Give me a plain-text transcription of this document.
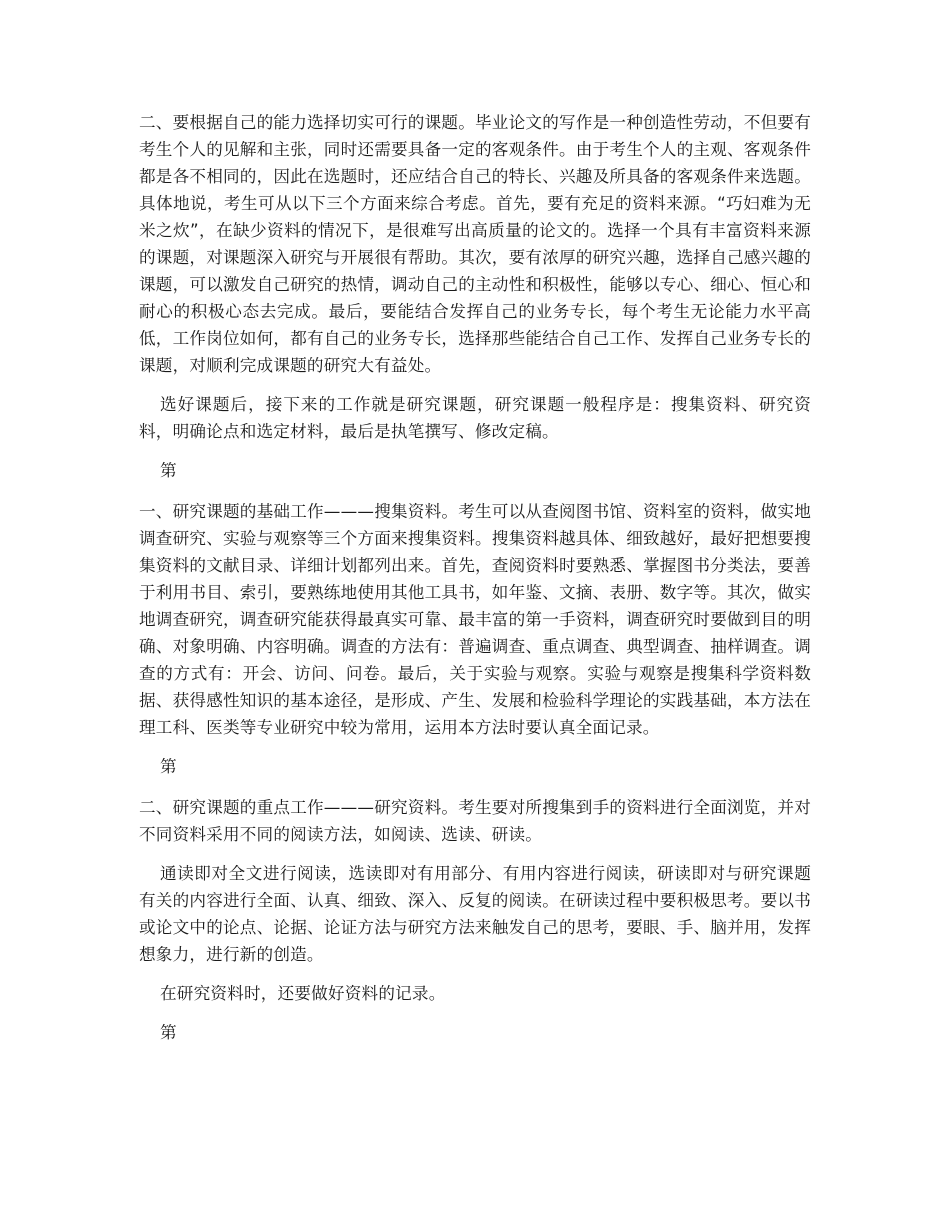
二、要根据自己的能力选择切实可行的课题。毕业论文的写作是一种创造性劳动，不但要有考生个人的见解和主张，同时还需要具备一定的客观条件。由于考生个人的主观、客观条件都是各不相同的，因此在选题时，还应结合自己的特长、兴趣及所具备的客观条件来选题。具体地说，考生可从以下三个方面来综合考虑。首先，要有充足的资料来源。“巧妇难为无米之炊”，在缺少资料的情况下，是很难写出高质量的论文的。选择一个具有丰富资料来源的课题，对课题深入研究与开展很有帮助。其次，要有浓厚的研究兴趣，选择自己感兴趣的课题，可以激发自己研究的热情，调动自己的主动性和积极性，能够以专心、细心、恒心和耐心的积极心态去完成。最后，要能结合发挥自己的业务专长，每个考生无论能力水平高低，工作岗位如何，都有自己的业务专长，选择那些能结合自己工作、发挥自己业务专长的课题，对顺利完成课题的研究大有益处。

选好课题后，接下来的工作就是研究课题，研究课题一般程序是：搜集资料、研究资料，明确论点和选定材料，最后是执笔撰写、修改定稿。

第

一、研究课题的基础工作———搜集资料。考生可以从查阅图书馆、资料室的资料，做实地调查研究、实验与观察等三个方面来搜集资料。搜集资料越具体、细致越好，最好把想要搜集资料的文献目录、详细计划都列出来。首先，查阅资料时要熟悉、掌握图书分类法，要善于利用书目、索引，要熟练地使用其他工具书，如年鉴、文摘、表册、数字等。其次，做实地调查研究，调查研究能获得最真实可靠、最丰富的第一手资料，调查研究时要做到目的明确、对象明确、内容明确。调查的方法有：普遍调查、重点调查、典型调查、抽样调查。调查的方式有：开会、访问、问卷。最后，关于实验与观察。实验与观察是搜集科学资料数据、获得感性知识的基本途径，是形成、产生、发展和检验科学理论的实践基础，本方法在理工科、医类等专业研究中较为常用，运用本方法时要认真全面记录。

第

二、研究课题的重点工作———研究资料。考生要对所搜集到手的资料进行全面浏览，并对不同资料采用不同的阅读方法，如阅读、选读、研读。

通读即对全文进行阅读，选读即对有用部分、有用内容进行阅读，研读即对与研究课题有关的内容进行全面、认真、细致、深入、反复的阅读。在研读过程中要积极思考。要以书或论文中的论点、论据、论证方法与研究方法来触发自己的思考，要眼、手、脑并用，发挥想象力，进行新的创造。

在研究资料时，还要做好资料的记录。

第
